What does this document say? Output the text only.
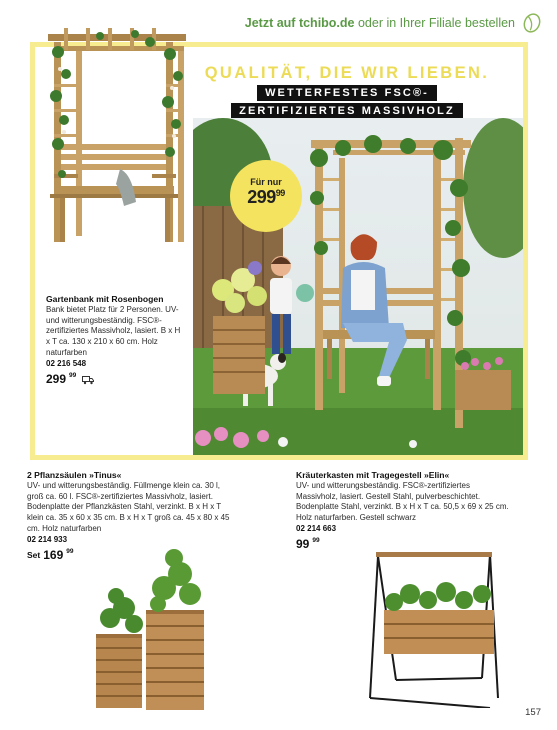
Jetzt auf tchibo.de oder in Ihrer Filiale bestellen
QUALITÄT, DIE WIR LIEBEN.
WETTERFESTES FSC®-
ZERTIFIZIERTES MASSIVHOLZ
Für nur
$299^{99}$
Gartenbank mit Rosenbogen
Bank bietet Platz für 2 Personen. UV- und witterungsbeständig. FSC®-zertifiziertes Massivholz, lasiert. B x H x T ca. 130 x 210 x 60 cm. Holz naturfarben
02 216 548
299 $^{99}$
2 Pflanzsäulen »Tinus«
UV- und witterungsbeständig. Füllmenge klein ca. 30 l, groß ca. 60 l. FSC®-zertifiziertes Massivholz, lasiert. Bodenplatte der Pflanzkästen Stahl, verzinkt. B x H x T klein ca. 35 x 60 x 35 cm. B x H x T groß ca. 45 x 80 x 45 cm. Holz naturfarben
02 214 933
Set 169 $^{99}$
Kräuterkasten mit Tragegestell »Elin«
UV- und witterungsbeständig. FSC®-zertifiziertes Massivholz, lasiert. Gestell Stahl, pulverbeschichtet. Bodenplatte Stahl, verzinkt. B x H x T ca. 50,5 x 69 x 25 cm. Holz naturfarben. Gestell schwarz
02 214 663
99 $^{99}$
157
